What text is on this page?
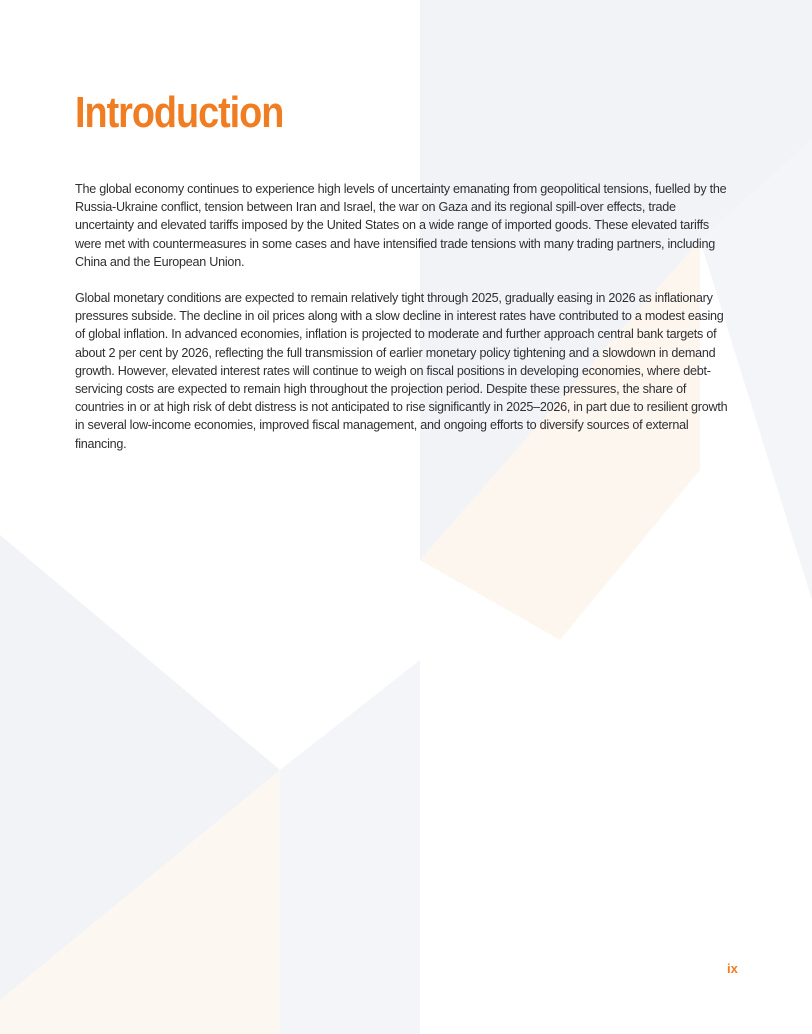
Introduction

The global economy continues to experience high levels of uncertainty emanating from geopolitical tensions, fuelled by the Russia-Ukraine conflict, tension between Iran and Israel, the war on Gaza and its regional spill-over effects, trade uncertainty and elevated tariffs imposed by the United States on a wide range of imported goods. These elevated tariffs were met with countermeasures in some cases and have intensified trade tensions with many trading partners, including China and the European Union.

Global monetary conditions are expected to remain relatively tight through 2025, gradually easing in 2026 as inflationary pressures subside. The decline in oil prices along with a slow decline in interest rates have contributed to a modest easing of global inflation. In advanced economies, inflation is projected to moderate and further approach central bank targets of about 2 per cent by 2026, reflecting the full transmission of earlier monetary policy tightening and a slowdown in demand growth. However, elevated interest rates will continue to weigh on fiscal positions in developing economies, where debt-servicing costs are expected to remain high throughout the projection period. Despite these pressures, the share of countries in or at high risk of debt distress is not anticipated to rise significantly in 2025–2026, in part due to resilient growth in several low-income economies, improved fiscal management, and ongoing efforts to diversify sources of external financing.

ix
